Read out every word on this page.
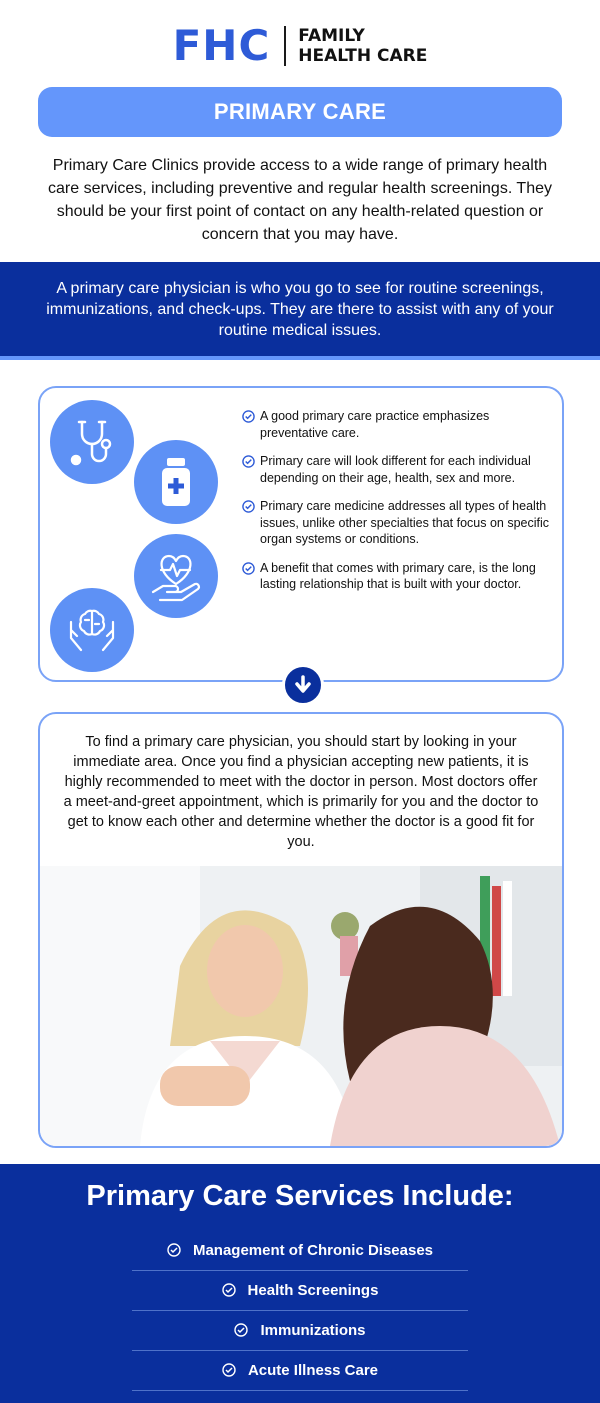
FHC FAMILY
HEALTH CARE
PRIMARY CARE
Primary Care Clinics provide access to a wide range of primary health care services, including preventive and regular health screenings. They should be your first point of contact on any health-related question or concern that you may have.

A primary care physician is who you go to see for routine screenings, immunizations, and check-ups. They are there to assist with any of your routine medical issues.

A good primary care practice emphasizes preventative care.
Primary care will look different for each individual depending on their age, health, sex and more.
Primary care medicine addresses all types of health issues, unlike other specialties that focus on specific organ systems or conditions.
A benefit that comes with primary care, is the long lasting relationship that is built with your doctor.

To find a primary care physician, you should start by looking in your immediate area. Once you find a physician accepting new patients, it is highly recommended to meet with the doctor in person. Most doctors offer a meet-and-greet appointment, which is primarily for you and the doctor to get to know each other and determine whether the doctor is a good fit for you.

Primary Care Services Include:
Management of Chronic Diseases
Health Screenings
Immunizations
Acute Illness Care
